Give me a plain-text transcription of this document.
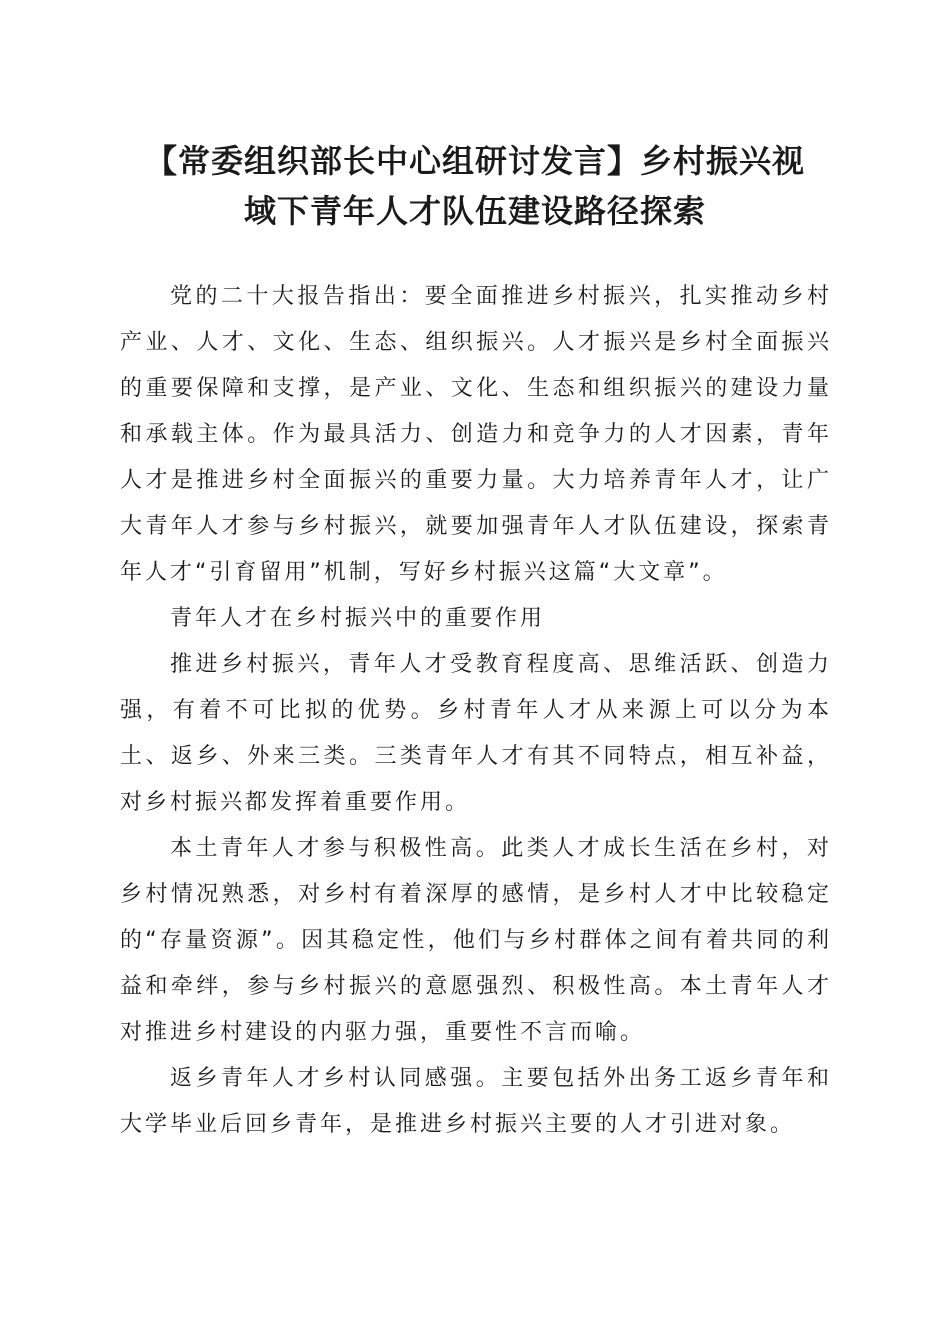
【常委组织部长中心组研讨发言】乡村振兴视
域下青年人才队伍建设路径探索

党的二十大报告指出：要全面推进乡村振兴，扎实推动乡村产业、人才、文化、生态、组织振兴。人才振兴是乡村全面振兴的重要保障和支撑，是产业、文化、生态和组织振兴的建设力量和承载主体。作为最具活力、创造力和竞争力的人才因素，青年人才是推进乡村全面振兴的重要力量。大力培养青年人才，让广大青年人才参与乡村振兴，就要加强青年人才队伍建设，探索青年人才“引育留用”机制，写好乡村振兴这篇“大文章”。

青年人才在乡村振兴中的重要作用

推进乡村振兴，青年人才受教育程度高、思维活跃、创造力强，有着不可比拟的优势。乡村青年人才从来源上可以分为本土、返乡、外来三类。三类青年人才有其不同特点，相互补益，对乡村振兴都发挥着重要作用。

本土青年人才参与积极性高。此类人才成长生活在乡村，对乡村情况熟悉，对乡村有着深厚的感情，是乡村人才中比较稳定的“存量资源”。因其稳定性，他们与乡村群体之间有着共同的利益和牵绊，参与乡村振兴的意愿强烈、积极性高。本土青年人才对推进乡村建设的内驱力强，重要性不言而喻。

返乡青年人才乡村认同感强。主要包括外出务工返乡青年和大学毕业后回乡青年，是推进乡村振兴主要的人才引进对象。
